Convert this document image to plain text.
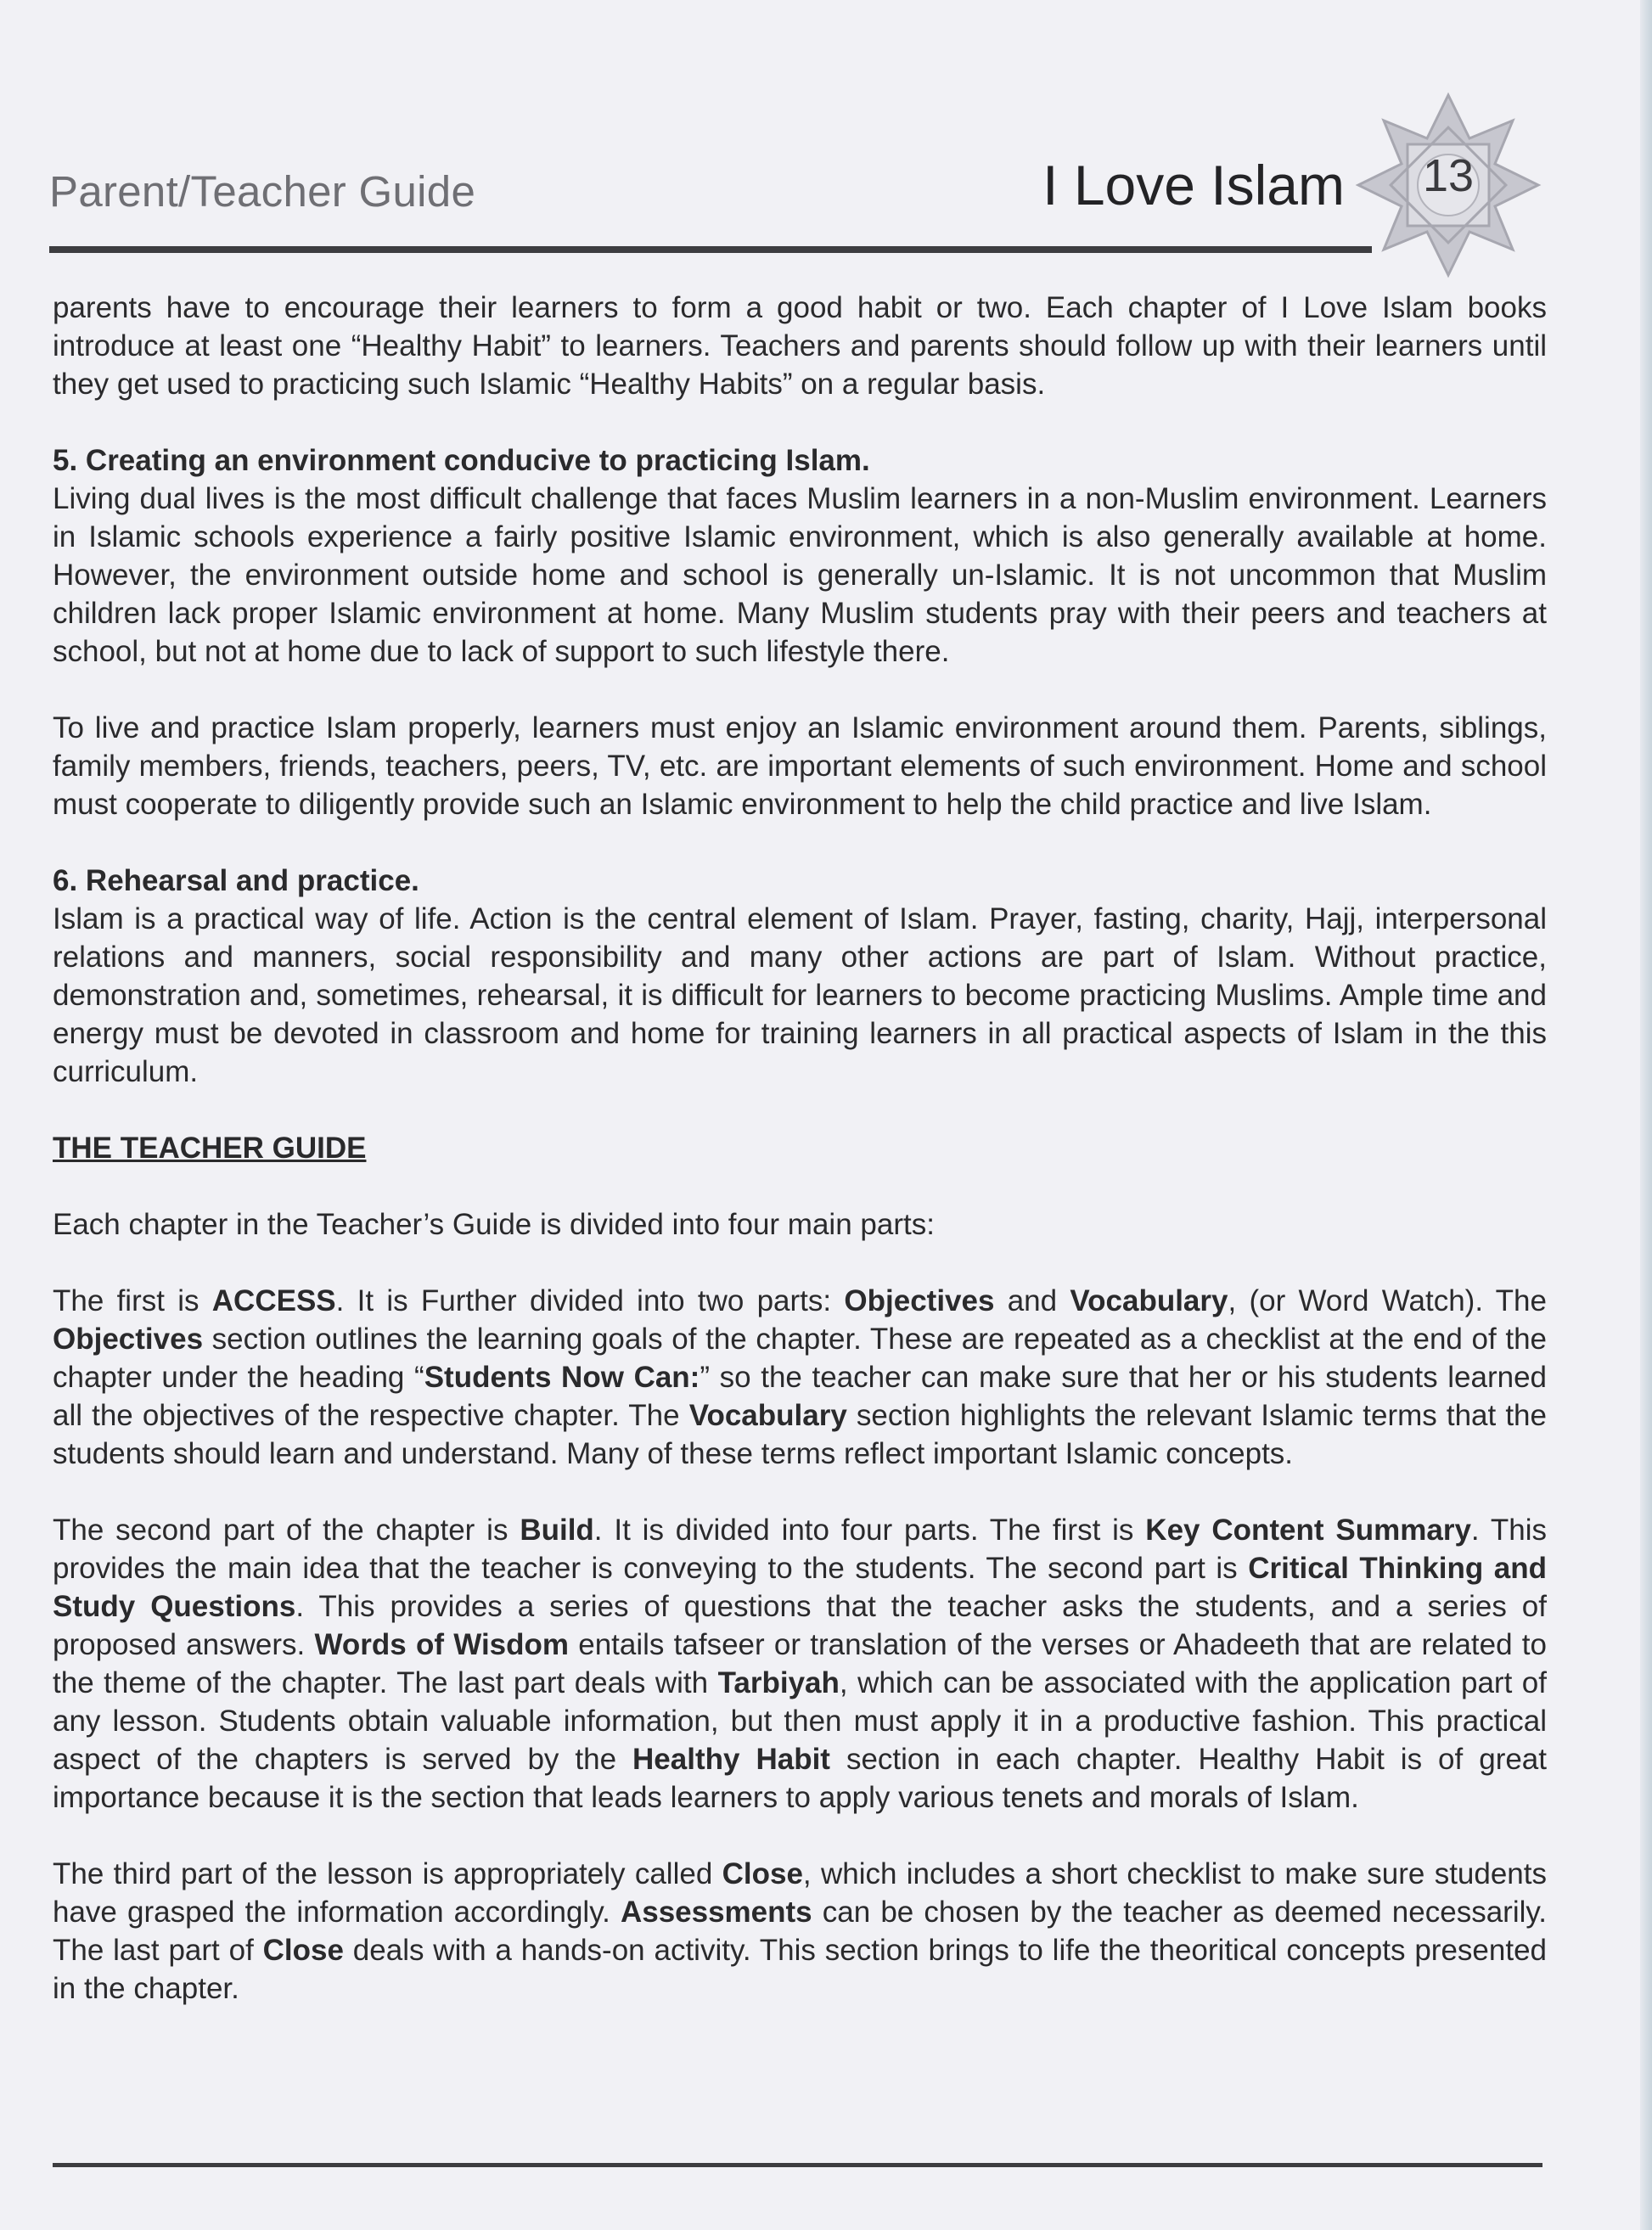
Parent/Teacher Guide	I Love Islam	13

parents have to encourage their learners to form a good habit or two. Each chapter of I Love Islam books introduce at least one “Healthy Habit” to learners. Teachers and parents should follow up with their learners until they get used to practicing such Islamic “Healthy Habits” on a regular basis.

5. Creating an environment conducive to practicing Islam.

Living dual lives is the most difficult challenge that faces Muslim learners in a non-Muslim environment. Learners in Islamic schools experience a fairly positive Islamic environment, which is also generally available at home. However, the environment outside home and school is generally un-Islamic. It is not uncommon that Muslim children lack proper Islamic environment at home. Many Muslim students pray with their peers and teachers at school, but not at home due to lack of support to such lifestyle there.

To live and practice Islam properly, learners must enjoy an Islamic environment around them. Parents, siblings, family members, friends, teachers, peers, TV, etc. are important elements of such environment. Home and school must cooperate to diligently provide such an Islamic environment to help the child practice and live Islam.

6. Rehearsal and practice.

Islam is a practical way of life. Action is the central element of Islam. Prayer, fasting, charity, Hajj, interpersonal relations and manners, social responsibility and many other actions are part of Islam. Without practice, demonstration and, sometimes, rehearsal, it is difficult for learners to become practicing Muslims. Ample time and energy must be devoted in classroom and home for training learners in all practical aspects of Islam in the this curriculum.

THE TEACHER GUIDE

Each chapter in the Teacher’s Guide is divided into four main parts:

The first is ACCESS. It is Further divided into two parts: Objectives and Vocabulary, (or Word Watch). The Objectives section outlines the learning goals of the chapter. These are repeated as a checklist at the end of the chapter under the heading “Students Now Can:” so the teacher can make sure that her or his students learned all the objectives of the respective chapter. The Vocabulary section highlights the relevant Islamic terms that the students should learn and understand. Many of these terms reflect important Islamic concepts.

The second part of the chapter is Build. It is divided into four parts. The first is Key Content Summary. This provides the main idea that the teacher is conveying to the students. The second part is Critical Thinking and Study Questions. This provides a series of questions that the teacher asks the students, and a series of proposed answers. Words of Wisdom entails tafseer or translation of the verses or Ahadeeth that are related to the theme of the chapter. The last part deals with Tarbiyah, which can be associated with the application part of any lesson. Students obtain valuable information, but then must apply it in a productive fashion. This practical aspect of the chapters is served by the Healthy Habit section in each chapter. Healthy Habit is of great importance because it is the section that leads learners to apply various tenets and morals of Islam.

The third part of the lesson is appropriately called Close, which includes a short checklist to make sure students have grasped the information accordingly. Assessments can be chosen by the teacher as deemed necessarily. The last part of Close deals with a hands-on activity. This section brings to life the theoritical concepts presented in the chapter.
